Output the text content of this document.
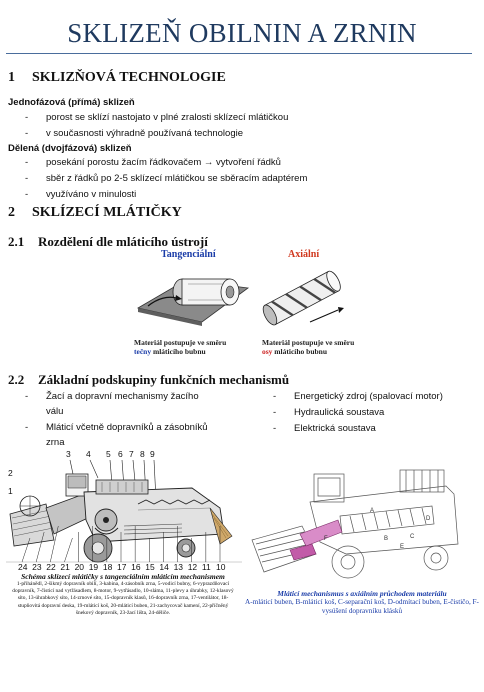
SKLIZEŇ OBILNIN A ZRNIN
1 SKLIZŇOVÁ TECHNOLOGIE
Jednofázová (přímá) sklizeň
- porost se sklízí nastojato v plné zralosti sklízecí mlátičkou
- v současnosti výhradně používaná technologie
Dělená (dvojfázová) sklizeň
- posekání porostu žacím řádkovačem → vytvoření řádků
- sběr z řádků po 2-5 sklízecí mlátičkou se sběracím adaptérem
- využíváno v minulosti
2 SKLÍZECÍ MLÁTIČKY
2.1 Rozdělení dle mláticího ústrojí
Tangenciální	Axiální
Materiál postupuje ve směru
tečny mláticího bubnu
Materiál postupuje ve směru
osy mláticího bubnu
2.2 Základní podskupiny funkčních mechanismů
-	Žací a dopravní mechanismy žacího válu
-	Mláticí včetně dopravníků a zásobníků zrna
-	Energetický zdroj (spalovací motor)
-	Hydraulická soustava
-	Elektrická soustava
3 4 5 6 7 8 9
24 23 22 21 20 19 18 17 16 15 14 13 12 11 10
2
1
Schéma sklízecí mlátičky s tangenciálním mláticím mechanismem
1-přihánědl, 2-šikmý dopravník obilí, 3-kabina, 4-zásobník zrna, 5-vodicí bubny, 6-vyprazdňovací dopravník, 7-čisticí nad vytřásadlem, 8-motor, 9-vytřásadlo, 10-sláma, 11-plevy a úhrabky, 12-klasový síto, 13-úhrabkový síto, 14-zrnové síto, 15-dopravník klasů, 16-dopravník zrna, 17-ventilátor, 18-stupňovitá dopravní deska, 19-mláticí koš, 20-mláticí buben, 21-zachycovač kamení, 22-příčněný šnekový dopravník, 23-žací lišta, 24-děliče.
A
B	C
D
E
F
Mláticí mechanismus s axiálním průchodem materiálu
A-mláticí buben, B-mláticí koš, C-separační koš, D-odmítací buben, E-čističo, F-vysúšení dopravníku klásků
